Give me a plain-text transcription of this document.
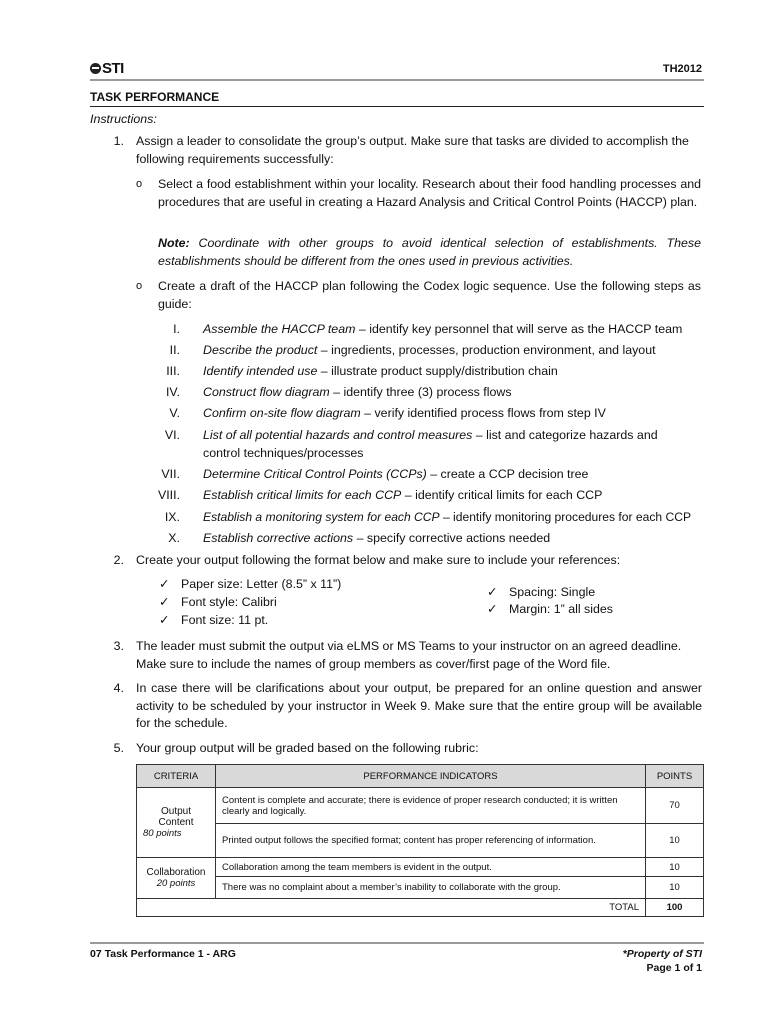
STI	TH2012
TASK PERFORMANCE
Instructions:
1. Assign a leader to consolidate the group’s output. Make sure that tasks are divided to accomplish the following requirements successfully:
o Select a food establishment within your locality. Research about their food handling processes and procedures that are useful in creating a Hazard Analysis and Critical Control Points (HACCP) plan.
Note: Coordinate with other groups to avoid identical selection of establishments. These establishments should be different from the ones used in previous activities.
o Create a draft of the HACCP plan following the Codex logic sequence. Use the following steps as guide:
I. Assemble the HACCP team – identify key personnel that will serve as the HACCP team
II. Describe the product – ingredients, processes, production environment, and layout
III. Identify intended use – illustrate product supply/distribution chain
IV. Construct flow diagram – identify three (3) process flows
V. Confirm on-site flow diagram – verify identified process flows from step IV
VI. List of all potential hazards and control measures – list and categorize hazards and control techniques/processes
VII. Determine Critical Control Points (CCPs) – create a CCP decision tree
VIII. Establish critical limits for each CCP – identify critical limits for each CCP
IX. Establish a monitoring system for each CCP – identify monitoring procedures for each CCP
X. Establish corrective actions – specify corrective actions needed
2. Create your output following the format below and make sure to include your references:
✓ Paper size: Letter (8.5” x 11”)
✓ Font style: Calibri
✓ Font size: 11 pt.
✓ Spacing: Single
✓ Margin: 1” all sides
3. The leader must submit the output via eLMS or MS Teams to your instructor on an agreed deadline. Make sure to include the names of group members as cover/first page of the Word file.
4. In case there will be clarifications about your output, be prepared for an online question and answer activity to be scheduled by your instructor in Week 9. Make sure that the entire group will be available for the schedule.
5. Your group output will be graded based on the following rubric:
CRITERIA	PERFORMANCE INDICATORS	POINTS

Output Content
80 points	Content is complete and accurate; there is evidence of proper research conducted; it is written clearly and logically.	70
	Printed output follows the specified format; content has proper referencing of information.	10

Collaboration
20 points	Collaboration among the team members is evident in the output.	10
	There was no complaint about a member’s inability to collaborate with the group.	10
TOTAL		100
07 Task Performance 1 - ARG	*Property of STI
Page 1 of 1
